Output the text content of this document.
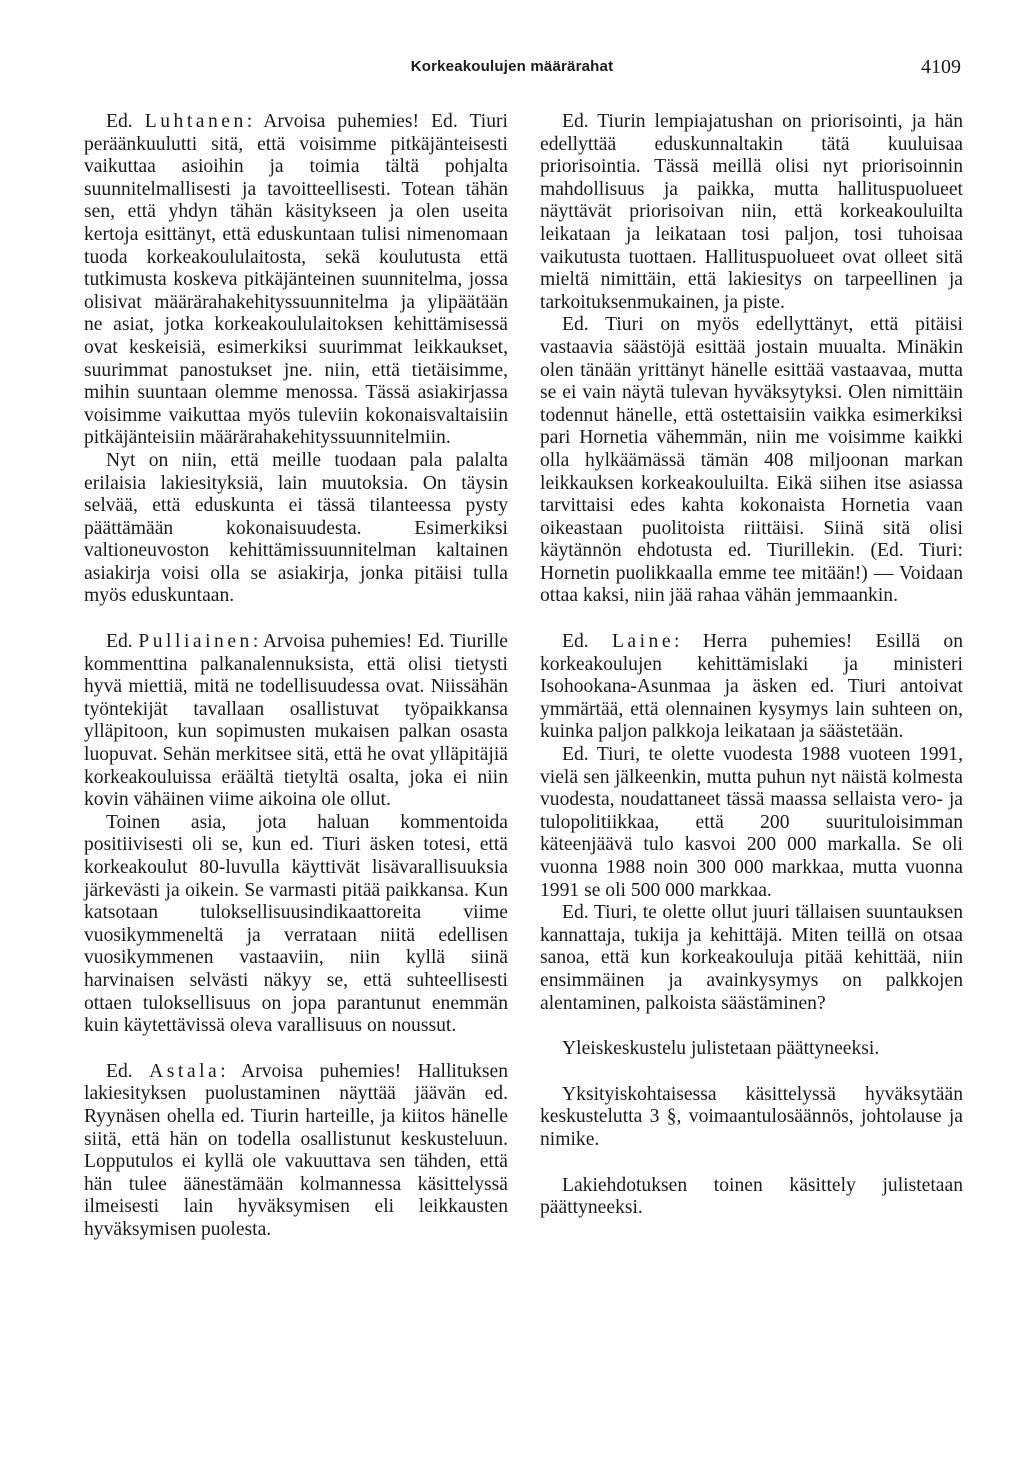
Korkeakoulujen määrärahat	4109

Ed. Luhtanen: Arvoisa puhemies! Ed. Tiuri peräänkuulutti sitä, että voisimme pitkäjänteisesti vaikuttaa asioihin ja toimia tältä pohjalta suunnitelmallisesti ja tavoitteellisesti. Totean tähän sen, että yhdyn tähän käsitykseen ja olen useita kertoja esittänyt, että eduskuntaan tulisi nimenomaan tuoda korkeakoululaitosta, sekä koulutusta että tutkimusta koskeva pitkäjänteinen suunnitelma, jossa olisivat määrärahakehityssuunnitelma ja ylipäätään ne asiat, jotka korkeakoululaitoksen kehittämisessä ovat keskeisiä, esimerkiksi suurimmat leikkaukset, suurimmat panostukset jne. niin, että tietäisimme, mihin suuntaan olemme menossa. Tässä asiakirjassa voisimme vaikuttaa myös tuleviin kokonaisvaltaisiin pitkäjänteisiin määrärahakehityssuunnitelmiin.

Nyt on niin, että meille tuodaan pala palalta erilaisia lakiesityksiä, lain muutoksia. On täysin selvää, että eduskunta ei tässä tilanteessa pysty päättämään kokonaisuudesta. Esimerkiksi valtioneuvoston kehittämissuunnitelman kaltainen asiakirja voisi olla se asiakirja, jonka pitäisi tulla myös eduskuntaan.

Ed. Pulliainen: Arvoisa puhemies! Ed. Tiurille kommenttina palkanalennuksista, että olisi tietysti hyvä miettiä, mitä ne todellisuudessa ovat. Niissähän työntekijät tavallaan osallistuvat työpaikkansa ylläpitoon, kun sopimusten mukaisen palkan osasta luopuvat. Sehän merkitsee sitä, että he ovat ylläpitäjiä korkeakouluissa eräältä tietyltä osalta, joka ei niin kovin vähäinen viime aikoina ole ollut.

Toinen asia, jota haluan kommentoida positiivisesti oli se, kun ed. Tiuri äsken totesi, että korkeakoulut 80-luvulla käyttivät lisävarallisuuksia järkevästi ja oikein. Se varmasti pitää paikkansa. Kun katsotaan tuloksellisuusindikaattoreita viime vuosikymmeneltä ja verrataan niitä edellisen vuosikymmenen vastaaviin, niin kyllä siinä harvinaisen selvästi näkyy se, että suhteellisesti ottaen tuloksellisuus on jopa parantunut enemmän kuin käytettävissä oleva varallisuus on noussut.

Ed. Astala: Arvoisa puhemies! Hallituksen lakiesityksen puolustaminen näyttää jäävän ed. Ryynäsen ohella ed. Tiurin harteille, ja kiitos hänelle siitä, että hän on todella osallistunut keskusteluun. Lopputulos ei kyllä ole vakuuttava sen tähden, että hän tulee äänestämään kolmannessa käsittelyssä ilmeisesti lain hyväksymisen eli leikkausten hyväksymisen puolesta.

Ed. Tiurin lempiajatushan on priorisointi, ja hän edellyttää eduskunnaltakin tätä kuuluisaa priorisointia. Tässä meillä olisi nyt priorisoinnin mahdollisuus ja paikka, mutta hallituspuolueet näyttävät priorisoivan niin, että korkeakouluilta leikataan ja leikataan tosi paljon, tosi tuhoisaa vaikutusta tuottaen. Hallituspuolueet ovat olleet sitä mieltä nimittäin, että lakiesitys on tarpeellinen ja tarkoituksenmukainen, ja piste.

Ed. Tiuri on myös edellyttänyt, että pitäisi vastaavia säästöjä esittää jostain muualta. Minäkin olen tänään yrittänyt hänelle esittää vastaavaa, mutta se ei vain näytä tulevan hyväksytyksi. Olen nimittäin todennut hänelle, että ostettaisiin vaikka esimerkiksi pari Hornetia vähemmän, niin me voisimme kaikki olla hylkäämässä tämän 408 miljoonan markan leikkauksen korkeakouluilta. Eikä siihen itse asiassa tarvittaisi edes kahta kokonaista Hornetia vaan oikeastaan puolitoista riittäisi. Siinä sitä olisi käytännön ehdotusta ed. Tiurillekin. (Ed. Tiuri: Hornetin puolikkaalla emme tee mitään!) — Voidaan ottaa kaksi, niin jää rahaa vähän jemmaankin.

Ed. Laine: Herra puhemies! Esillä on korkeakoulujen kehittämislaki ja ministeri Isohookana-Asunmaa ja äsken ed. Tiuri antoivat ymmärtää, että olennainen kysymys lain suhteen on, kuinka paljon palkkoja leikataan ja säästetään.

Ed. Tiuri, te olette vuodesta 1988 vuoteen 1991, vielä sen jälkeenkin, mutta puhun nyt näistä kolmesta vuodesta, noudattaneet tässä maassa sellaista vero- ja tulopolitiikkaa, että 200 suurituloisimman käteenjäävä tulo kasvoi 200 000 markalla. Se oli vuonna 1988 noin 300 000 markkaa, mutta vuonna 1991 se oli 500 000 markkaa.

Ed. Tiuri, te olette ollut juuri tällaisen suuntauksen kannattaja, tukija ja kehittäjä. Miten teillä on otsaa sanoa, että kun korkeakouluja pitää kehittää, niin ensimmäinen ja avainkysymys on palkkojen alentaminen, palkoista säästäminen?

Yleiskeskustelu julistetaan päättyneeksi.

Yksityiskohtaisessa käsittelyssä hyväksytään keskustelutta 3 §, voimaantulosäännös, johtolause ja nimike.

Lakiehdotuksen toinen käsittely julistetaan päättyneeksi.
